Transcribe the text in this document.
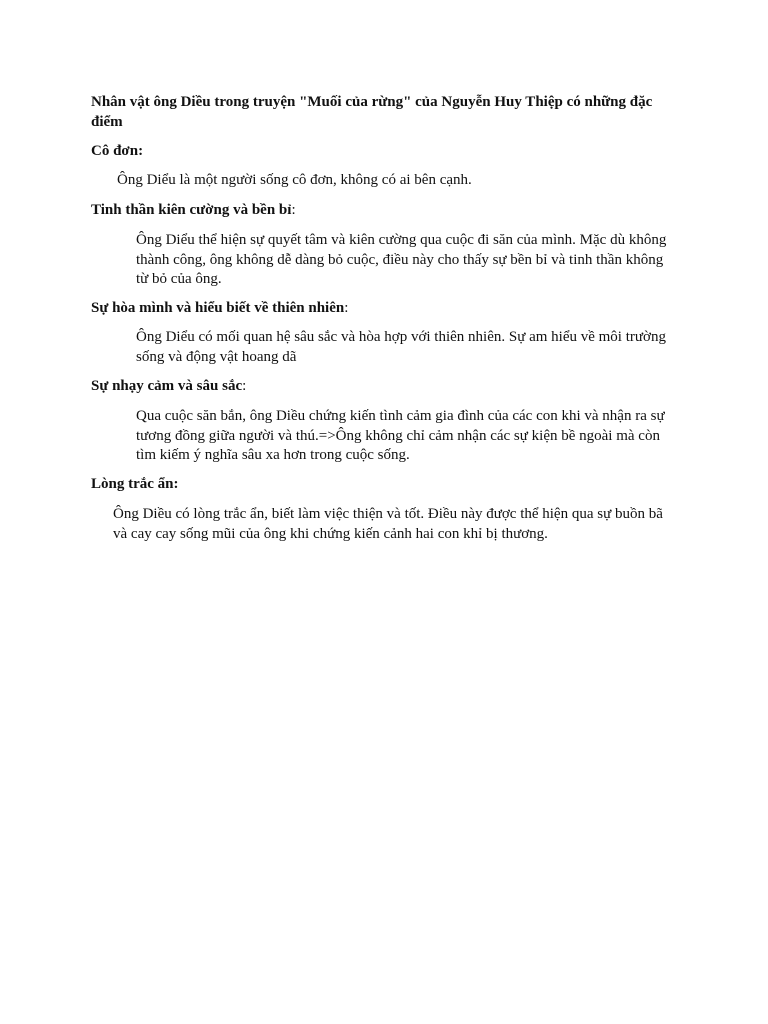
Nhân vật ông Diều trong truyện "Muối của rừng" của Nguyễn Huy Thiệp có những đặc điểm

Cô đơn:

Ông Diểu là một người sống cô đơn, không có ai bên cạnh.

Tinh thần kiên cường và bền bỉ:

Ông Diểu thể hiện sự quyết tâm và kiên cường qua cuộc đi săn của mình. Mặc dù không thành công, ông không dễ dàng bỏ cuộc, điều này cho thấy sự bền bỉ và tinh thần không từ bỏ của ông.

Sự hòa mình và hiểu biết về thiên nhiên:

Ông Diểu có mối quan hệ sâu sắc và hòa hợp với thiên nhiên. Sự am hiểu về môi trường sống và động vật hoang dã

Sự nhạy cảm và sâu sắc:

Qua cuộc săn bắn, ông Diều chứng kiến tình cảm gia đình của các con khi và nhận ra sự tương đồng giữa người và thú.=>Ông không chỉ cảm nhận các sự kiện bề ngoài mà còn tìm kiếm ý nghĩa sâu xa hơn trong cuộc sống.

Lòng trắc ẩn:

Ông Diều có lòng trắc ẩn, biết làm việc thiện và tốt. Điều này được thể hiện qua sự buồn bã và cay cay sống mũi của ông khi chứng kiến cảnh hai con khỉ bị thương.
